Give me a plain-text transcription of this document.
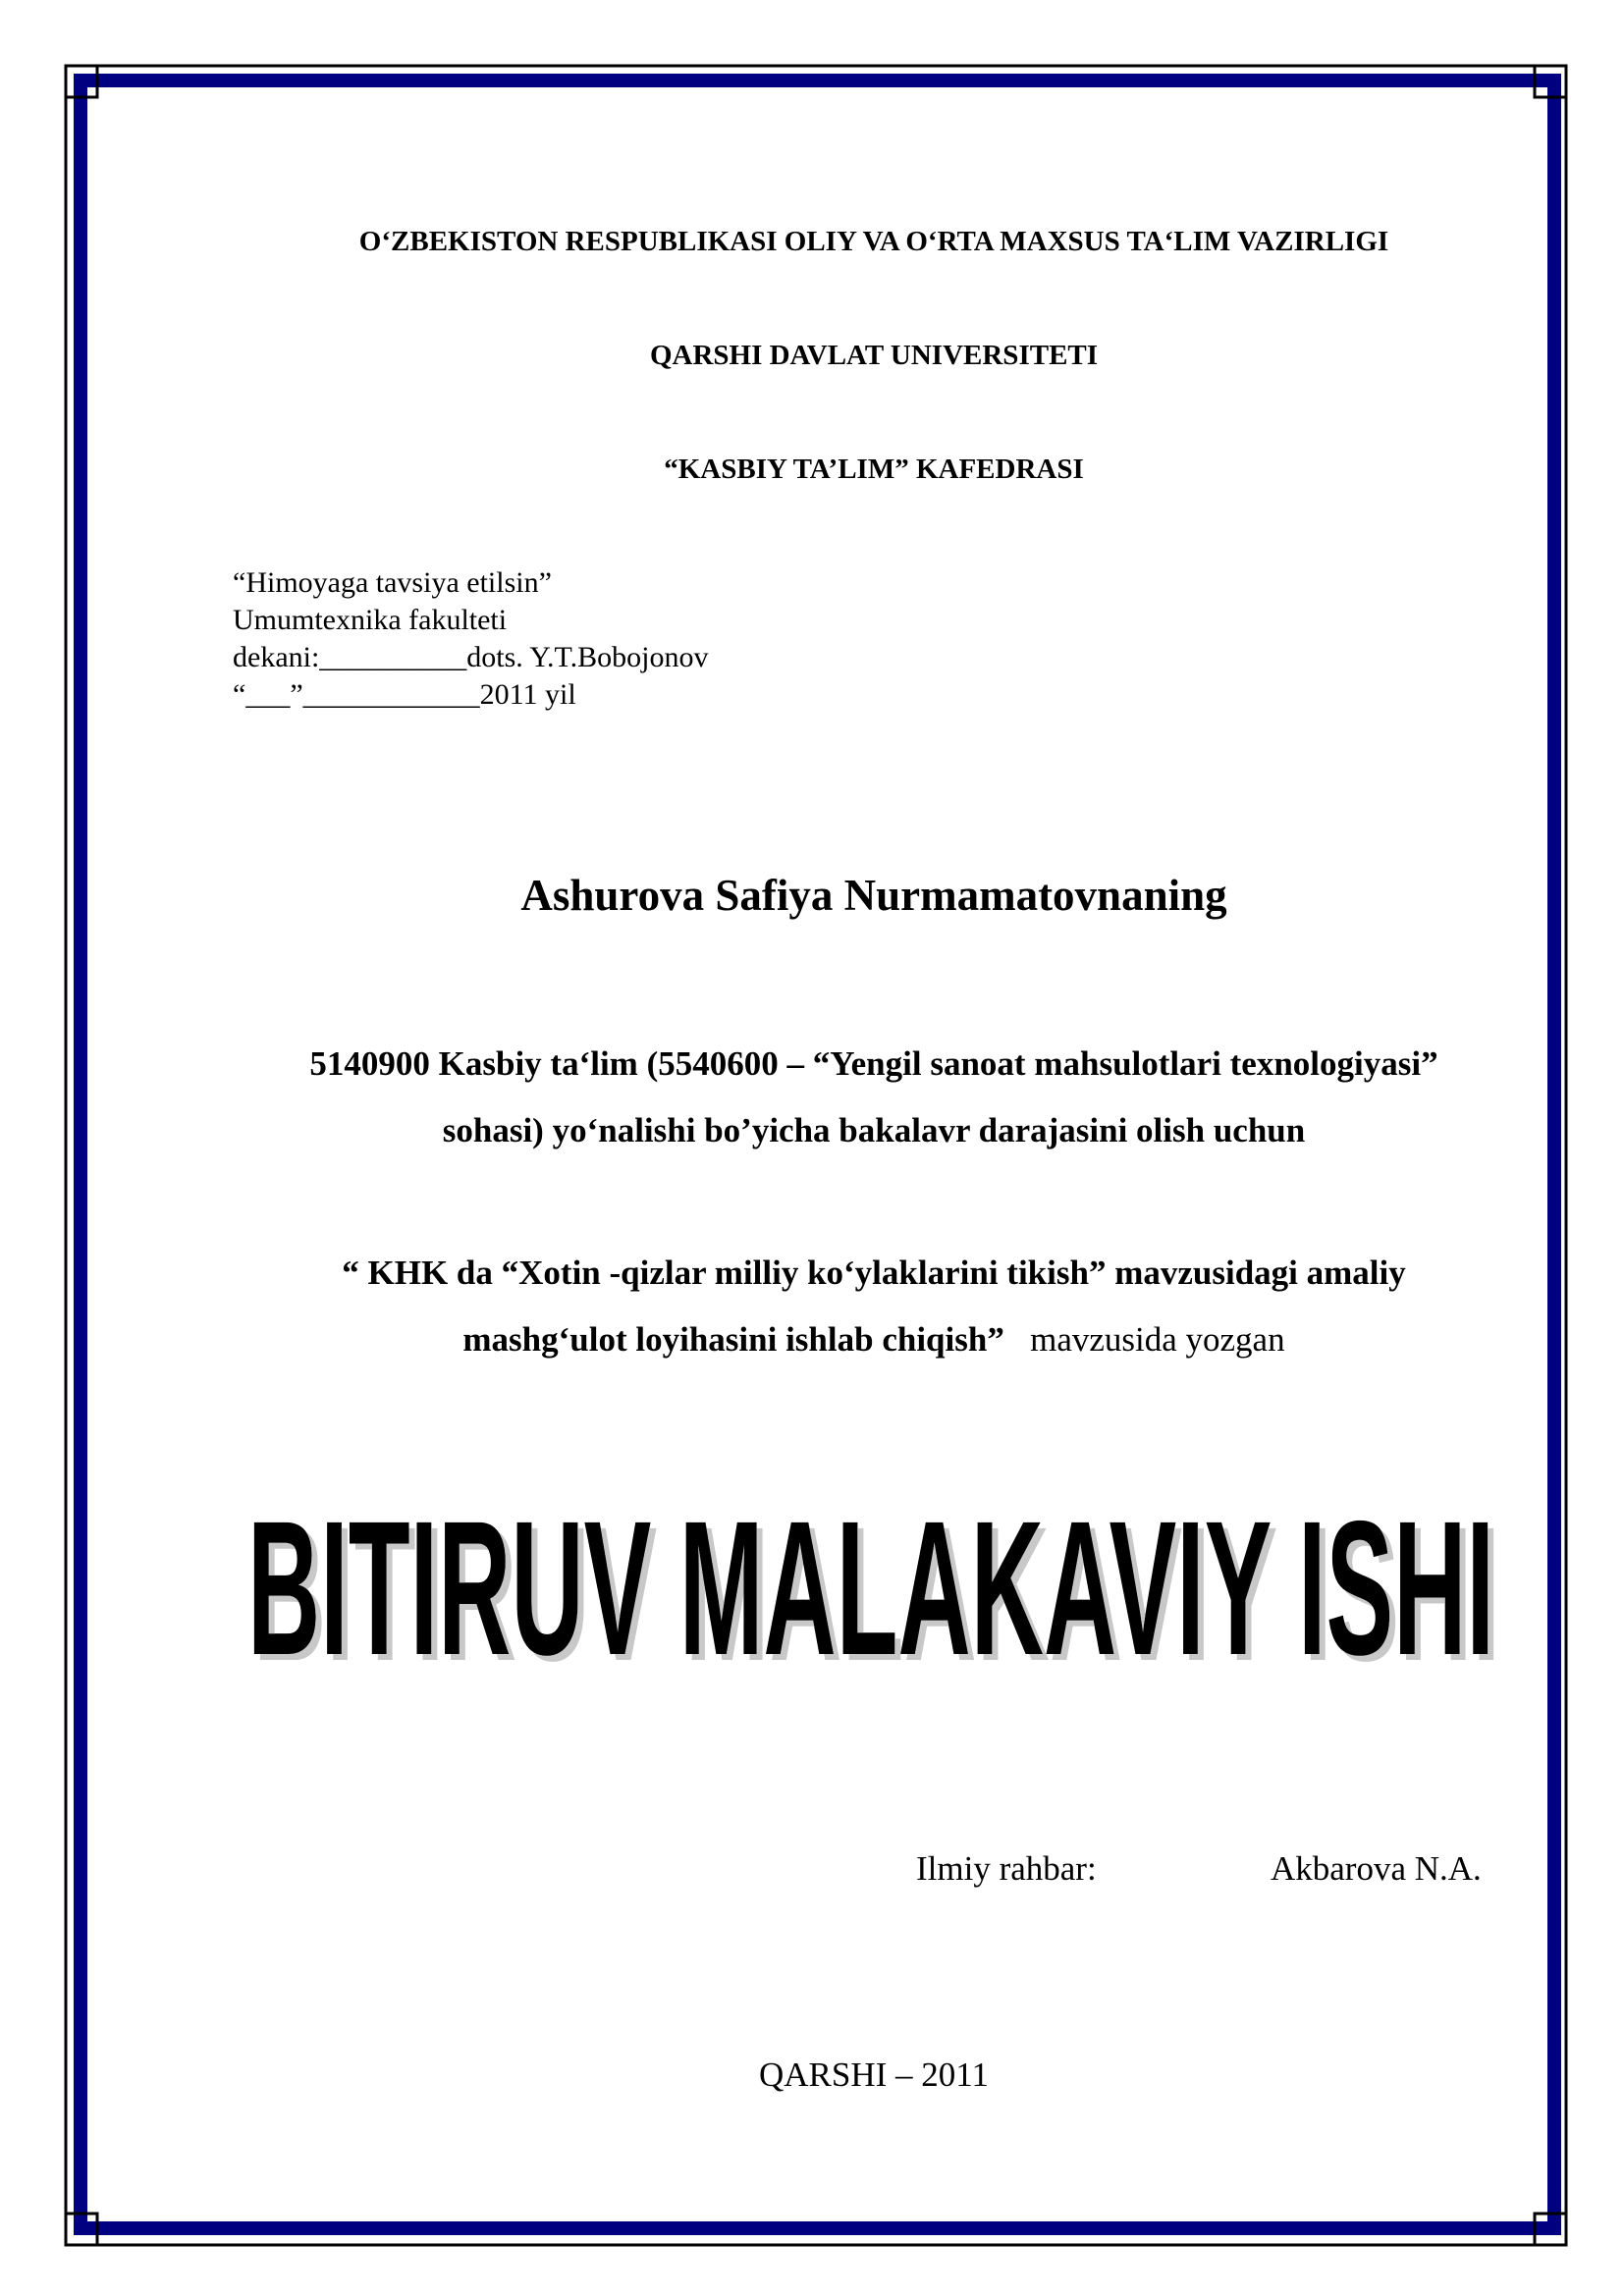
O‘ZBEKISTON RESPUBLIKASI OLIY VA O‘RTA MAXSUS TA‘LIM VAZIRLIGI
QARSHI DAVLAT UNIVERSITETI
“KASBIY TA’LIM” KAFEDRASI
“Himoyaga tavsiya etilsin”
Umumtexnika fakulteti
dekani:__________dots. Y.T.Bobojonov
“___”____________2011 yil
Ashurova Safiya Nurmamatovnaning
5140900 Kasbiy ta‘lim (5540600 – “Yengil sanoat mahsulotlari texnologiyasi”
sohasi) yo‘nalishi bo’yicha bakalavr darajasini olish uchun
“ KHK da “Xotin -qizlar milliy ko‘ylaklarini tikish” mavzusidagi amaliy
mashg‘ulot loyihasini ishlab chiqish” mavzusida yozgan
BITIRUV MALAKAVIY ISHI
Ilmiy rahbar:	Akbarova N.A.
QARSHI – 2011
